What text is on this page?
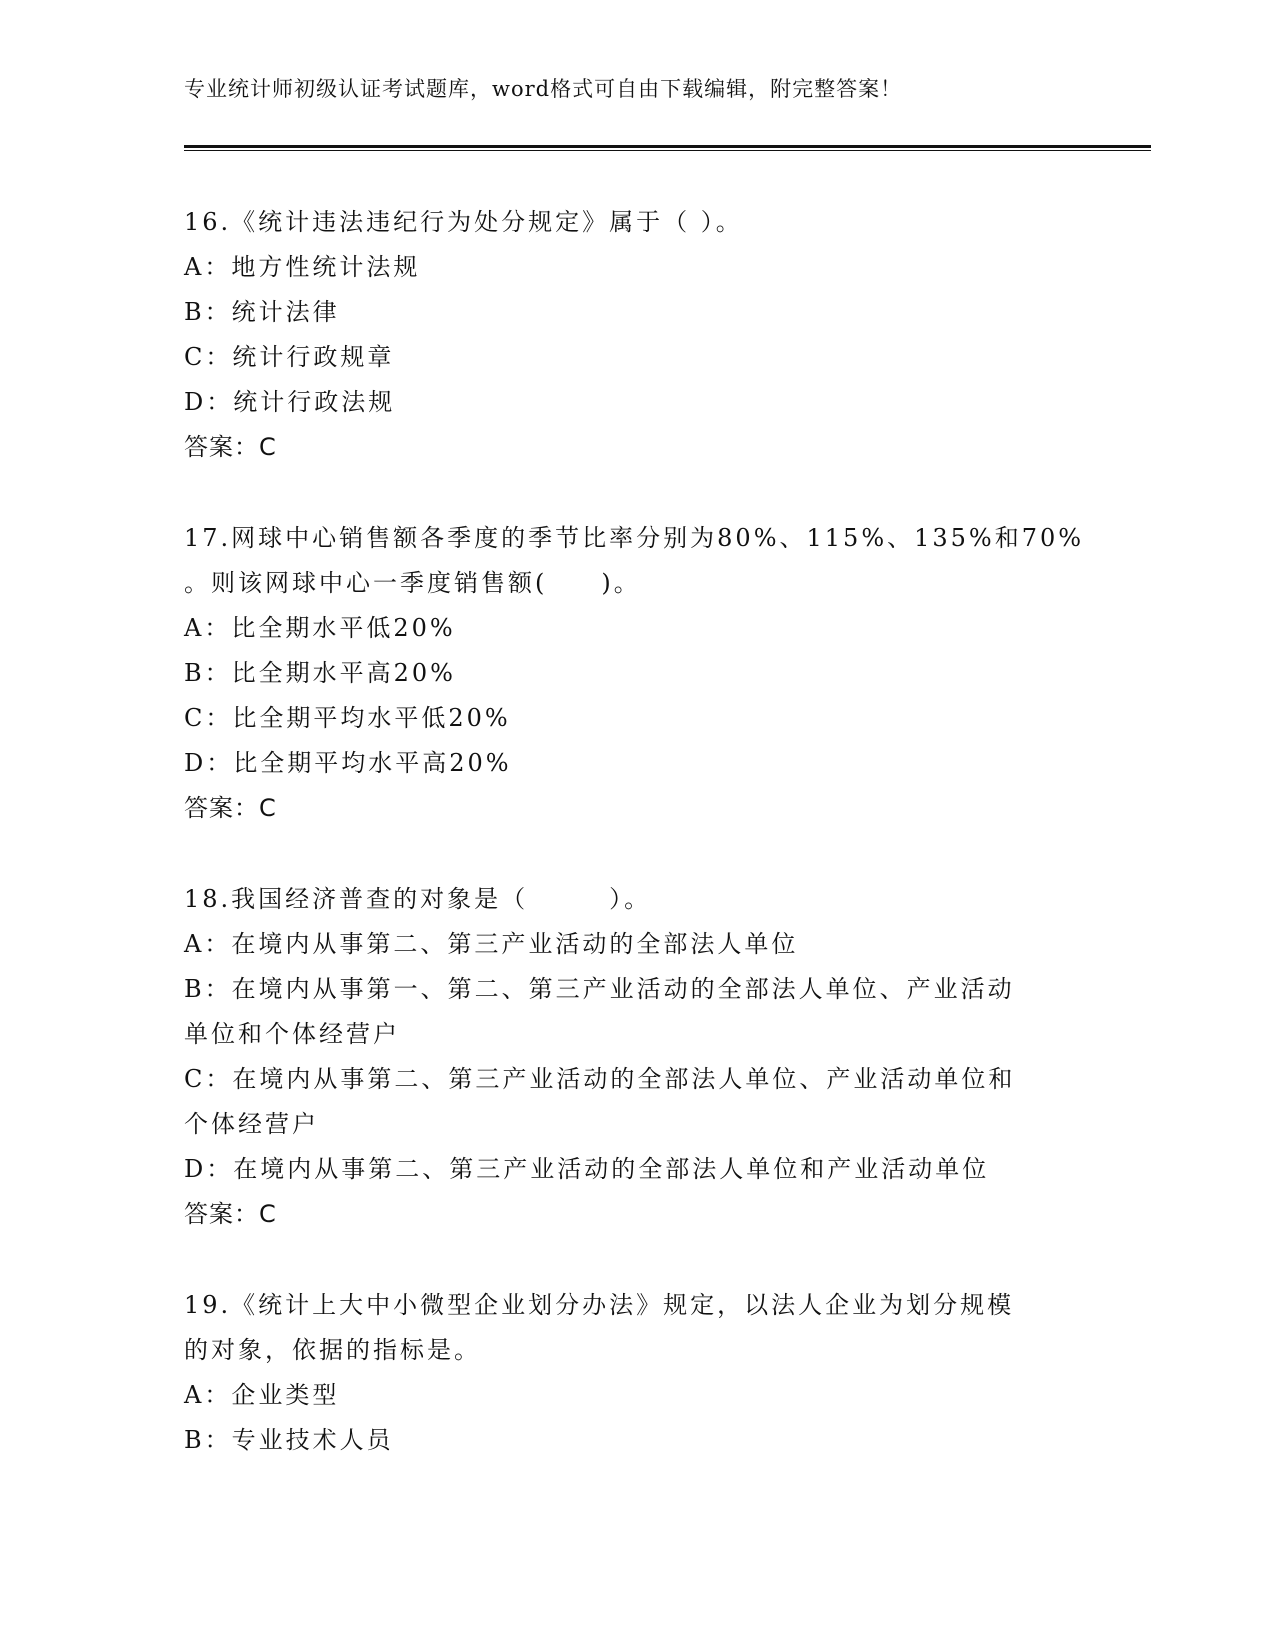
专业统计师初级认证考试题库，word格式可自由下载编辑，附完整答案！

16.《统计违法违纪行为处分规定》属于（ ）。

A：地方性统计法规

B：统计法律

C：统计行政规章

D：统计行政法规

答案：C

17.网球中心销售额各季度的季节比率分别为80%、115%、135%和70%

。则该网球中心一季度销售额(　　)。

A：比全期水平低20%

B：比全期水平高20%

C：比全期平均水平低20%

D：比全期平均水平高20%

答案：C

18.我国经济普查的对象是（　　　）。

A：在境内从事第二、第三产业活动的全部法人单位

B：在境内从事第一、第二、第三产业活动的全部法人单位、产业活动

单位和个体经营户

C：在境内从事第二、第三产业活动的全部法人单位、产业活动单位和

个体经营户

D：在境内从事第二、第三产业活动的全部法人单位和产业活动单位

答案：C

19.《统计上大中小微型企业划分办法》规定，以法人企业为划分规模

的对象，依据的指标是。

A：企业类型

B：专业技术人员
